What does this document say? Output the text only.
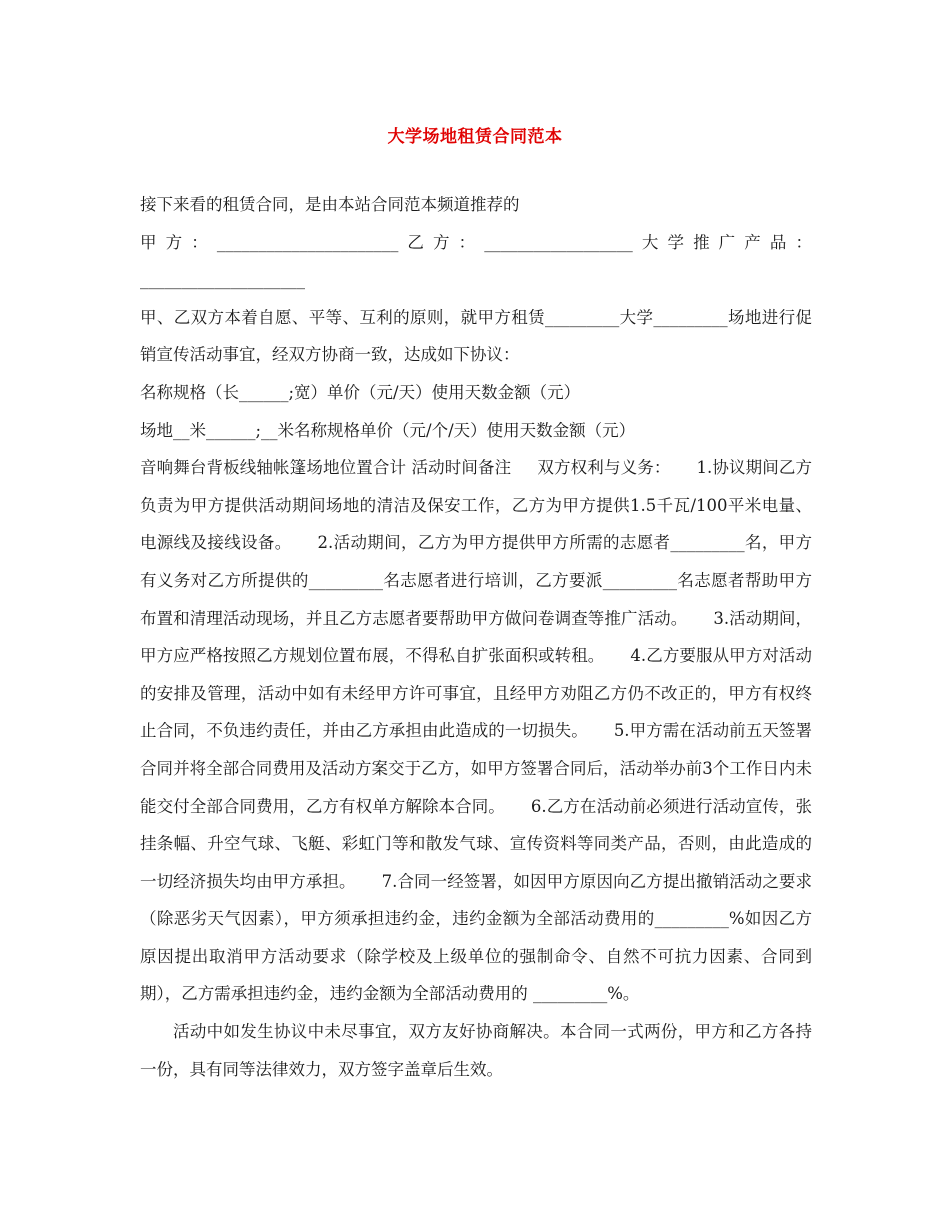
大学场地租赁合同范本

接下来看的租赁合同，是由本站合同范本频道推荐的

甲方：______________________乙方：__________________大学推广产品：____________________

甲、乙双方本着自愿、平等、互利的原则，就甲方租赁_________大学_________场地进行促销宣传活动事宜，经双方协商一致，达成如下协议：

名称规格（长______;宽）单价（元/天）使用天数金额（元）

场地__米______;__米名称规格单价（元/个/天）使用天数金额（元）

音响舞台背板线轴帐篷场地位置合计 活动时间备注 双方权利与义务： 1.协议期间乙方负责为甲方提供活动期间场地的清洁及保安工作，乙方为甲方提供1.5千瓦/100平米电量、电源线及接线设备。 2.活动期间，乙方为甲方提供甲方所需的志愿者_________名，甲方有义务对乙方所提供的_________名志愿者进行培训，乙方要派_________名志愿者帮助甲方布置和清理活动现场，并且乙方志愿者要帮助甲方做问卷调查等推广活动。 3.活动期间，甲方应严格按照乙方规划位置布展，不得私自扩张面积或转租。 4.乙方要服从甲方对活动的安排及管理，活动中如有未经甲方许可事宜，且经甲方劝阻乙方仍不改正的，甲方有权终止合同，不负违约责任，并由乙方承担由此造成的一切损失。 5.甲方需在活动前五天签署合同并将全部合同费用及活动方案交于乙方，如甲方签署合同后，活动举办前3个工作日内未能交付全部合同费用，乙方有权单方解除本合同。 6.乙方在活动前必须进行活动宣传，张挂条幅、升空气球、飞艇、彩虹门等和散发气球、宣传资料等同类产品，否则，由此造成的一切经济损失均由甲方承担。 7.合同一经签署，如因甲方原因向乙方提出撤销活动之要求（除恶劣天气因素），甲方须承担违约金，违约金额为全部活动费用的_________%如因乙方原因提出取消甲方活动要求（除学校及上级单位的强制命令、自然不可抗力因素、合同到期），乙方需承担违约金，违约金额为全部活动费用的 _________%。

活动中如发生协议中未尽事宜，双方友好协商解决。本合同一式两份，甲方和乙方各持一份，具有同等法律效力，双方签字盖章后生效。
